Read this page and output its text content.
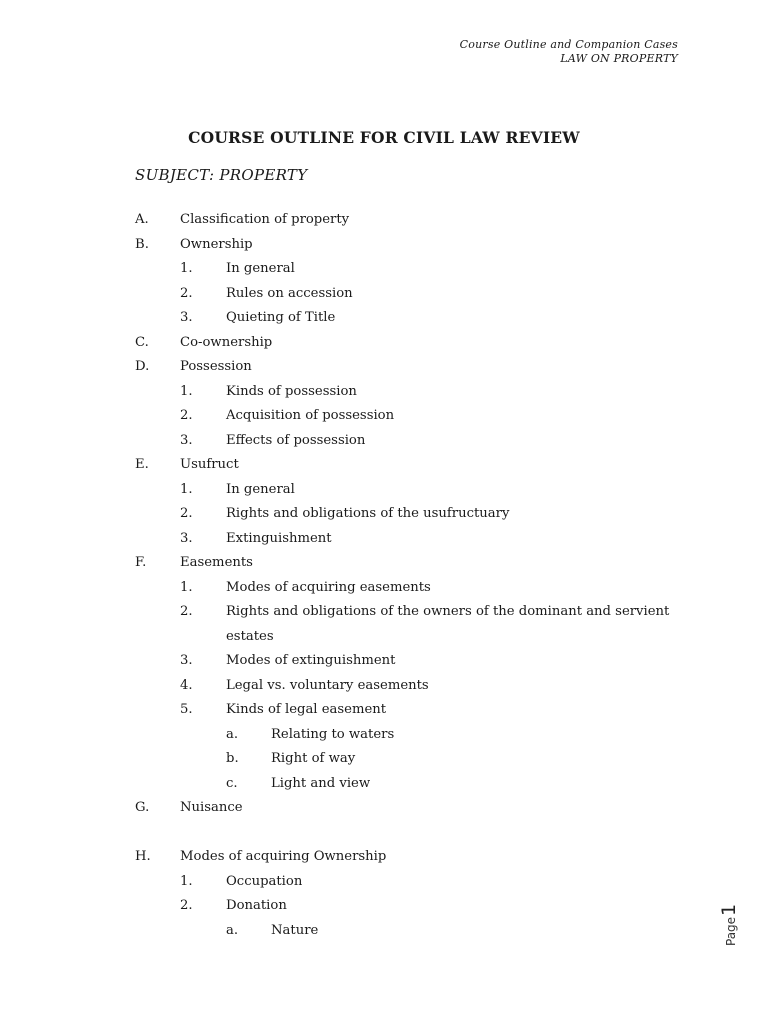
Course Outline and Companion Cases
LAW ON PROPERTY
COURSE OUTLINE FOR CIVIL LAW REVIEW
SUBJECT: PROPERTY
A. Classification of property
B. Ownership
1.	In general
2.	Rules on accession
3.	Quieting of Title
C. Co-ownership
D. Possession
1.	Kinds of possession
2.	Acquisition of possession
3.	Effects of possession
E. Usufruct
1.	In general
2.	Rights and obligations of the usufructuary
3.	Extinguishment
F.	Easements
1.	Modes of acquiring easements
2.	Rights and obligations of the owners of the dominant and servient
estates
3.	Modes of extinguishment
4.	Legal vs. voluntary easements
5.	Kinds of legal easement
a. Relating to waters
b. Right of way
c.	Light and view
G. Nuisance
H. Modes of acquiring Ownership
1.	Occupation
2.	Donation
a. Nature	Page1
